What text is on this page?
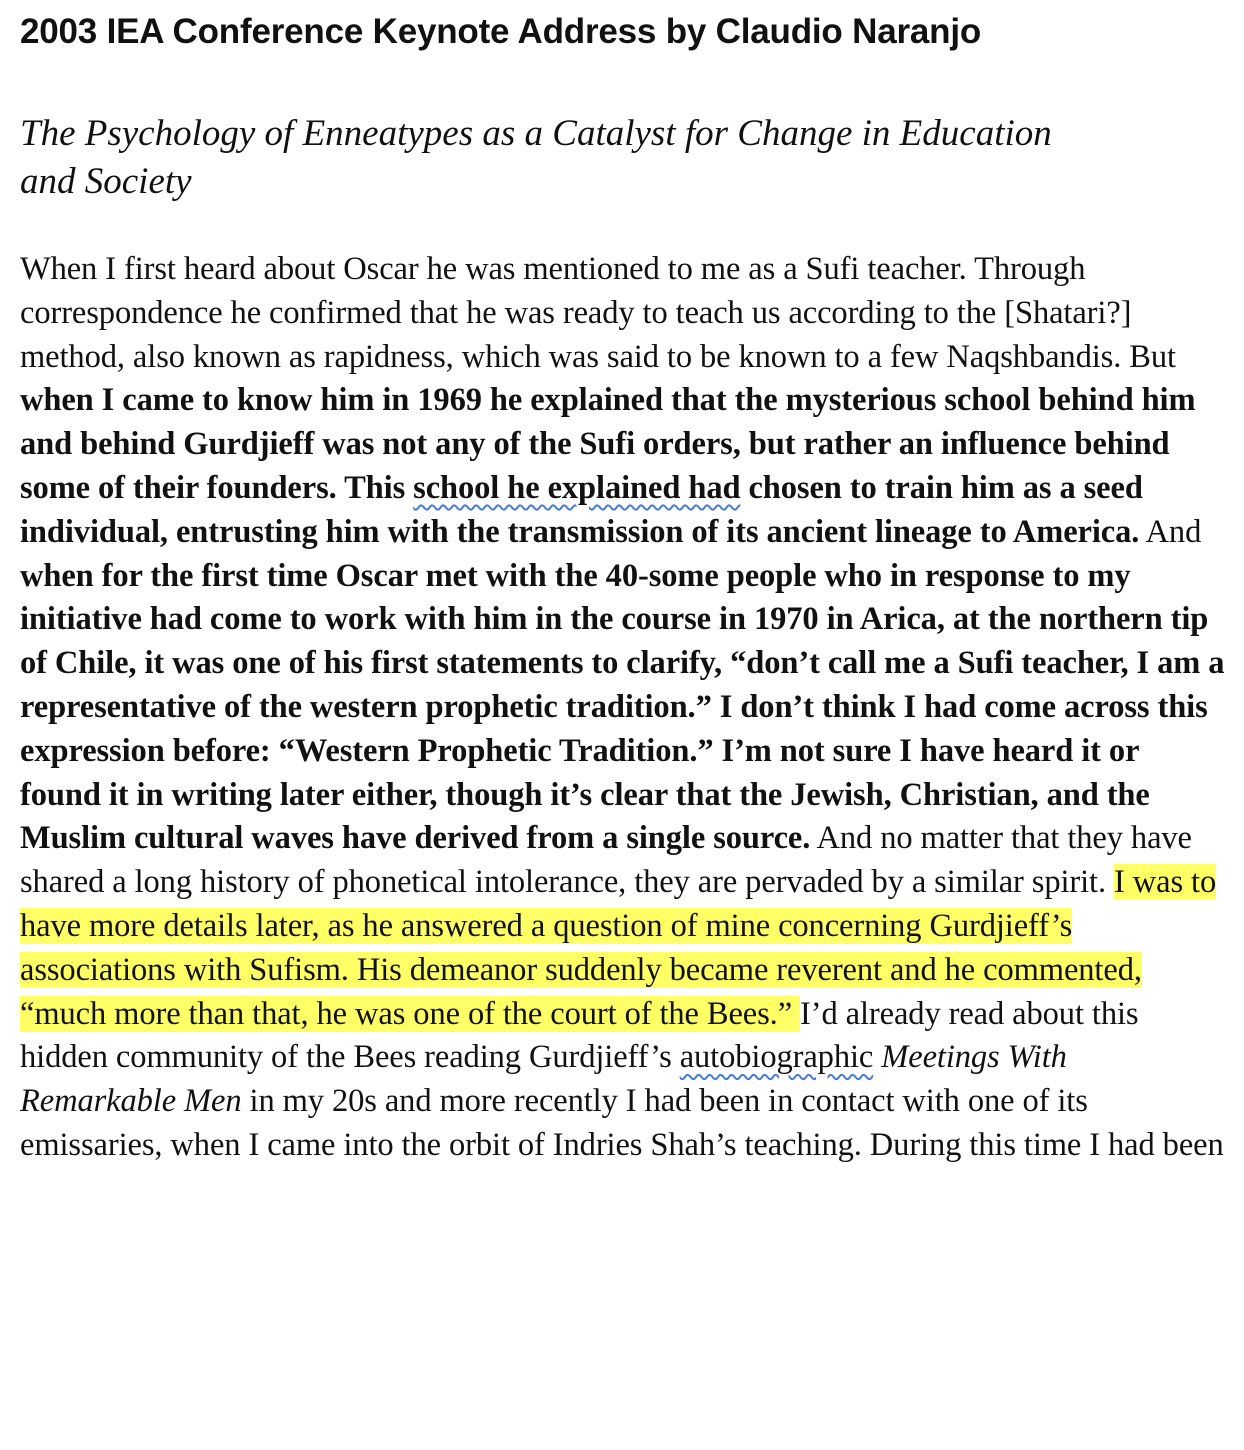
2003 IEA Conference Keynote Address by Claudio Naranjo

The Psychology of Enneatypes as a Catalyst for Change in Education and Society

When I first heard about Oscar he was mentioned to me as a Sufi teacher. Through correspondence he confirmed that he was ready to teach us according to the [Shatari?] method, also known as rapidness, which was said to be known to a few Naqshbandis. But when I came to know him in 1969 he explained that the mysterious school behind him and behind Gurdjieff was not any of the Sufi orders, but rather an influence behind some of their founders. This school he explained had chosen to train him as a seed individual, entrusting him with the transmission of its ancient lineage to America. And when for the first time Oscar met with the 40-some people who in response to my initiative had come to work with him in the course in 1970 in Arica, at the northern tip of Chile, it was one of his first statements to clarify, “don’t call me a Sufi teacher, I am a representative of the western prophetic tradition.” I don’t think I had come across this expression before: “Western Prophetic Tradition.” I’m not sure I have heard it or found it in writing later either, though it’s clear that the Jewish, Christian, and the Muslim cultural waves have derived from a single source. And no matter that they have shared a long history of phonetical intolerance, they are pervaded by a similar spirit. I was to have more details later, as he answered a question of mine concerning Gurdjieff’s associations with Sufism. His demeanor suddenly became reverent and he commented, “much more than that, he was one of the court of the Bees.” I’d already read about this hidden community of the Bees reading Gurdjieff’s autobiographic Meetings With Remarkable Men in my 20s and more recently I had been in contact with one of its emissaries, when I came into the orbit of Indries Shah’s teaching. During this time I had been
